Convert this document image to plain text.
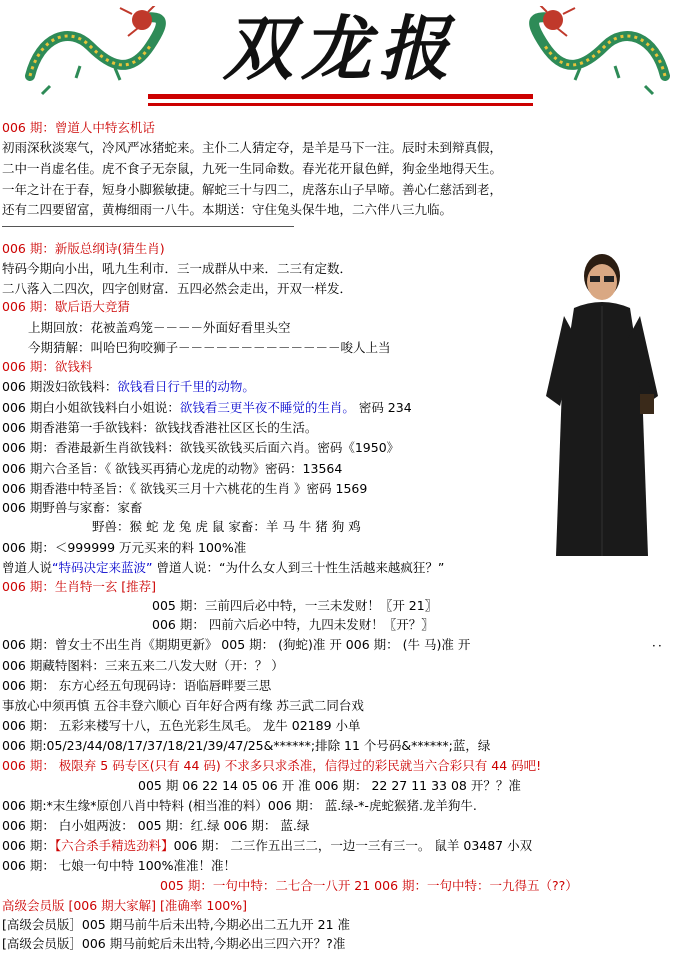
双龙报
006 期：曾道人中特玄机话
初雨深秋淡寒气，冷风严冰猪蛇来。主仆二人猜定夺，是羊是马下一注。辰时未到辩真假，
二中一肖虚名佳。虎不食子无奈鼠，九死一生同命数。春光花开鼠色鲜，狗金坐地得天生。
一年之计在于春，短身小脚猴敏捷。解蛇三十与四二，虎落东山子早啼。善心仁慈活到老，
还有二四要留富，黄梅细雨一八牛。本期送：守住兔头保牛地，二六伴八三九临。
006 期：新版总纲诗(猜生肖)
特码今期向小出，吼九生利市．三一成群从中来．二三有定数．
二八落入二四次，四字创财富．五四必然会走出，开双一样发．
006 期：歇后语大竞猜
上期回放：花被盖鸡笼－－－－外面好看里头空
今期猜解：叫哈巴狗咬狮子－－－－－－－－－－－－－唆人上当
006 期：欲钱料
006 期泼妇欲钱料：欲钱看日行千里的动物。
006 期白小姐欲钱料白小姐说：欲钱看三更半夜不睡觉的生肖。 密码 234
006 期香港第一手欲钱料：欲钱找香港社区区长的生活。
006 期：香港最新生肖欲钱料：欲钱买欲钱买后面六肖。密码《1950》
006 期六合圣旨：《 欲钱买再猜心龙虎的动物》密码：13564
006 期香港中特圣旨：《 欲钱买三月十六桃花的生肖 》密码 1569
006 期野兽与家畜：家畜
野兽：猴 蛇 龙 兔 虎 鼠 家畜：羊 马 牛 猪 狗 鸡
006 期：＜999999 万元买来的料 100%准
曾道人说“特码决定来蓝波” 曾道人说：“为什么女人到三十性生活越来越疯狂？”
006 期：生肖特一玄 [推荐]
005 期：三前四后必中特，一三未发财！〖开 21〗
006 期： 四前六后必中特，九四未发财！〖开？〗
006 期：曾女士不出生肖《期期更新》 005 期： (狗蛇)准 开 006 期： (牛 马)准 开	．．
006 期藏特图料：三来五来二八发大财（开：？ ）
006 期： 东方心经五句现码诗：语临唇畔要三思
事放心中须再慎 五谷丰登六顺心 百年好合两有缘 苏三武二同台戏
006 期： 五彩来楼写十八，五色光彩生凤毛。 龙牛 02189 小单
006 期:05/23/44/08/17/37/18/21/39/47/25&******;排除 11 个号码&******;蓝，绿
006 期： 极限弃 5 码专区(只有 44 码) 不求多只求杀准，信得过的彩民就当六合彩只有 44 码吧!
005 期 06 22 14 05 06 开 准 006 期： 22 27 11 33 08 开？？准
006 期:*末生缘*原创八肖中特料 (相当准的料）006 期： 蓝.绿-*-虎蛇猴猪.龙羊狗牛.
006 期： 白小姐两波： 005 期：红.绿 006 期： 蓝.绿
006 期：【六合杀手精选劲料】006 期： 二三作五出三二，一边一三有三一。 鼠羊 03487 小双
006 期： 七娘一句中特 100%准准！准！
005 期：一句中特：二七合一八开 21 006 期：一句中特：一九得五（??）
高级会员版 [006 期大家解] [准确率 100%]
[高级会员版］005 期马前牛后未出特,今期必出二五九开 21 准
[高级会员版］006 期马前蛇后未出特,今期必出三四六开？?准
